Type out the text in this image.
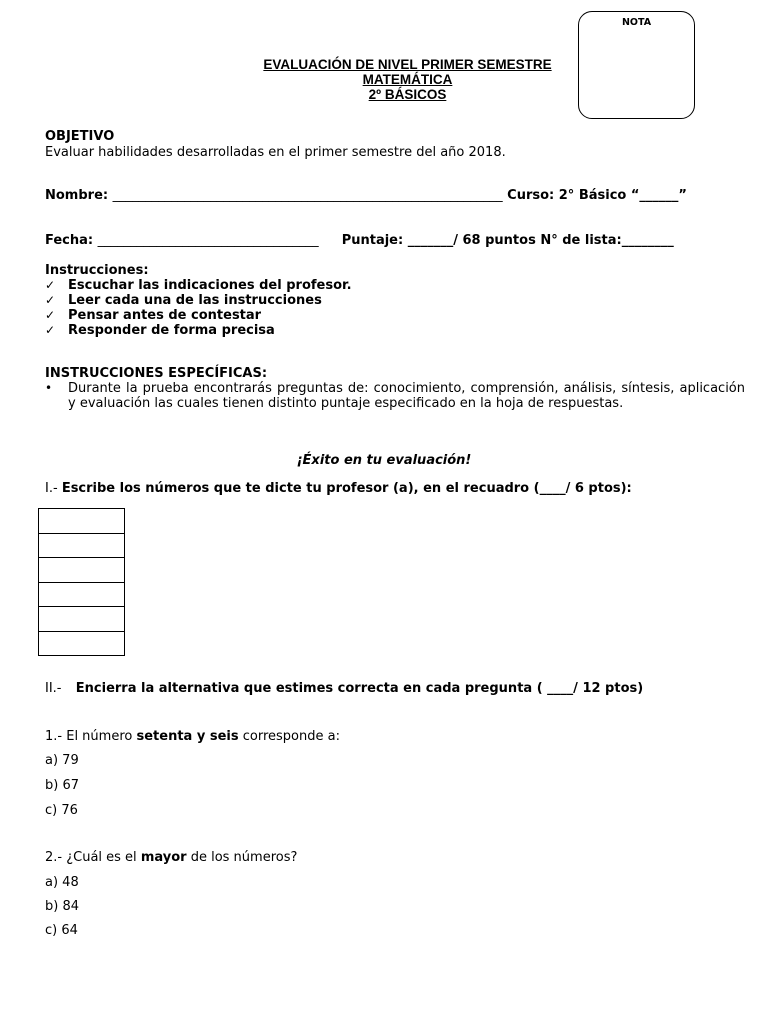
NOTA
EVALUACIÓN DE NIVEL PRIMER SEMESTRE
MATEMÁTICA
2º BÁSICOS
OBJETIVO
Evaluar habilidades desarrolladas en el primer semestre del año 2018.
Nombre: ____________________________________________________________ Curso: 2° Básico “______”
Fecha: __________________________________ Puntaje: _______/ 68 puntos N° de lista:________
Instrucciones:
✓ Escuchar las indicaciones del profesor.
✓ Leer cada una de las instrucciones
✓ Pensar antes de contestar
✓ Responder de forma precisa
INSTRUCCIONES ESPECÍFICAS:
•	Durante la prueba encontrarás preguntas de: conocimiento, comprensión, análisis, síntesis, aplicación y evaluación las cuales tienen distinto puntaje especificado en la hoja de respuestas.
¡Éxito en tu evaluación!
I.- Escribe los números que te dicte tu profesor (a), en el recuadro (____/ 6 ptos):

II.- Encierra la alternativa que estimes correcta en cada pregunta ( ____/ 12 ptos)
1.- El número setenta y seis corresponde a:
a) 79
b) 67
c) 76
2.- ¿Cuál es el mayor de los números?
a) 48
b) 84
c) 64
